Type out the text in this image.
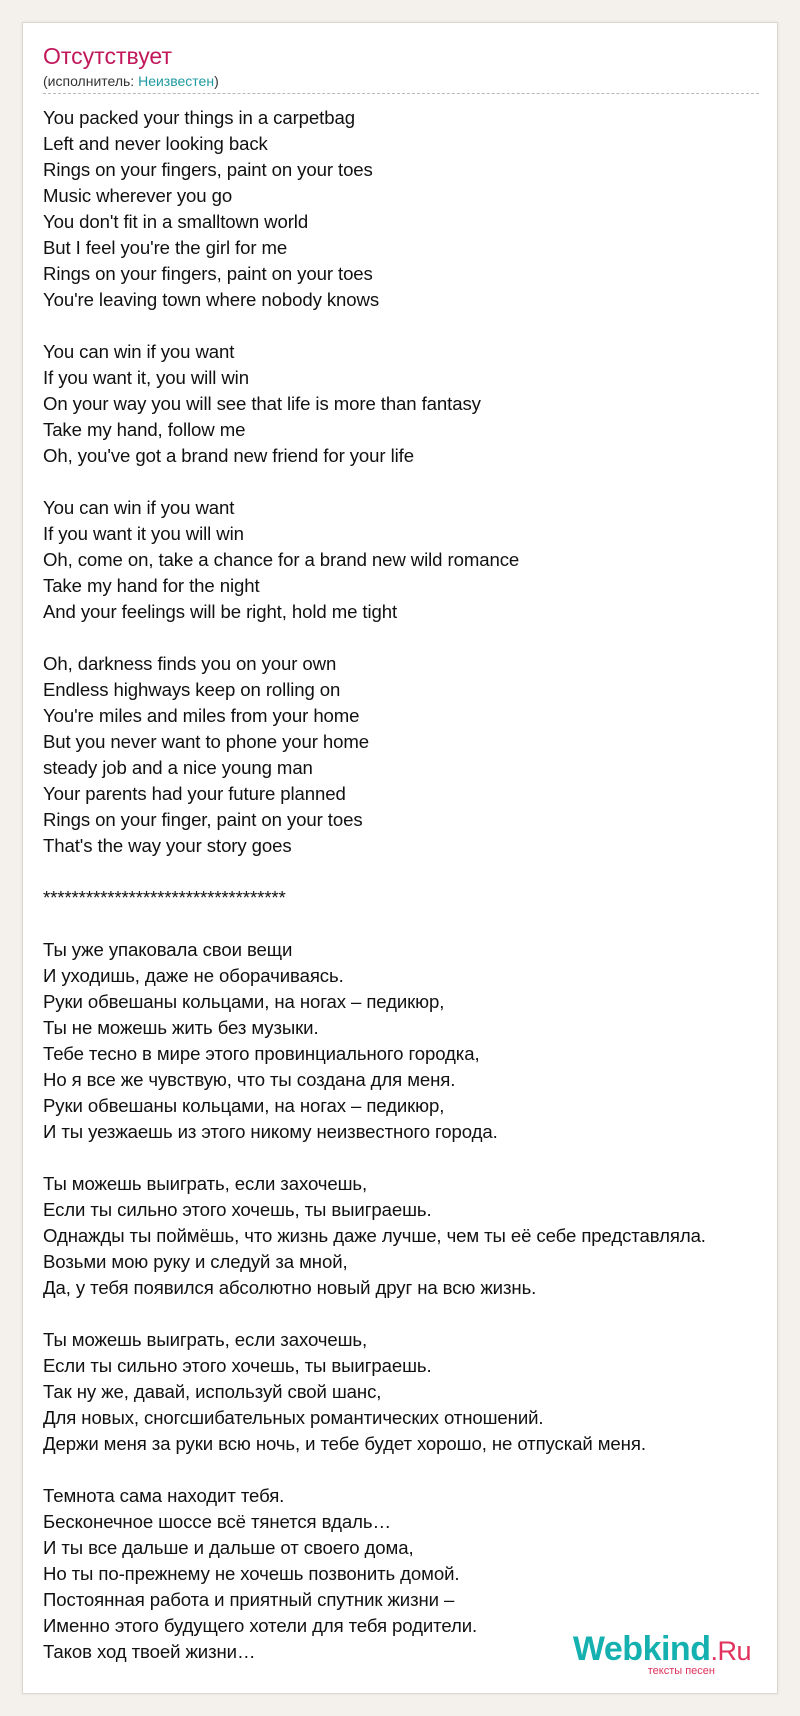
Отсутствует
(исполнитель: Неизвестен)
You packed your things in a carpetbag
Left and never looking back
Rings on your fingers, paint on your toes
Music wherever you go
You don't fit in a smalltown world
But I feel you're the girl for me
Rings on your fingers, paint on your toes
You're leaving town where nobody knows
You can win if you want
If you want it, you will win
On your way you will see that life is more than fantasy
Take my hand, follow me
Oh, you've got a brand new friend for your life
You can win if you want
If you want it you will win
Oh, come on, take a chance for a brand new wild romance
Take my hand for the night
And your feelings will be right, hold me tight
Oh, darkness finds you on your own
Endless highways keep on rolling on
You're miles and miles from your home
But you never want to phone your home
steady job and a nice young man
Your parents had your future planned
Rings on your finger, paint on your toes
That's the way your story goes
**********************************
Ты уже упаковала свои вещи
И уходишь, даже не оборачиваясь.
Руки обвешаны кольцами, на ногах – педикюр,
Ты не можешь жить без музыки.
Тебе тесно в мире этого провинциального городка,
Но я все же чувствую, что ты создана для меня.
Руки обвешаны кольцами, на ногах – педикюр,
И ты уезжаешь из этого никому неизвестного города.
Ты можешь выиграть, если захочешь,
Если ты сильно этого хочешь, ты выиграешь.
Однажды ты поймёшь, что жизнь даже лучше, чем ты её себе представляла.
Возьми мою руку и следуй за мной,
Да, у тебя появился абсолютно новый друг на всю жизнь.
Ты можешь выиграть, если захочешь,
Если ты сильно этого хочешь, ты выиграешь.
Так ну же, давай, используй свой шанс,
Для новых, сногсшибательных романтических отношений.
Держи меня за руки всю ночь, и тебе будет хорошо, не отпускай меня.
Темнота сама находит тебя.
Бесконечное шоссе всё тянется вдаль…
И ты все дальше и дальше от своего дома,
Но ты по-прежнему не хочешь позвонить домой.
Постоянная работа и приятный спутник жизни –
Именно этого будущего хотели для тебя родители.
Таков ход твоей жизни…	Webkind.Ru
тексты песен
